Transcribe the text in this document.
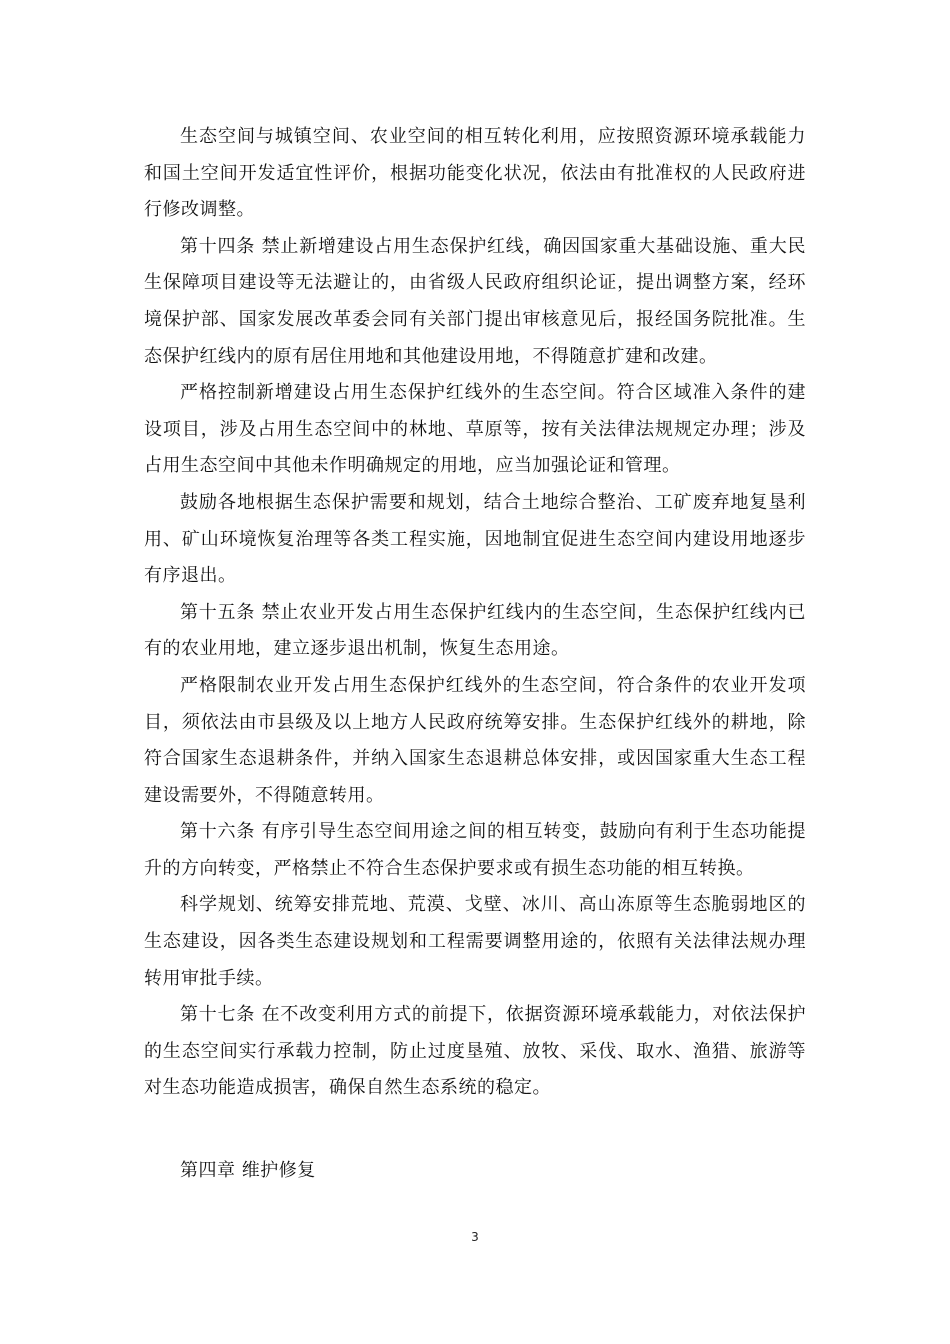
生态空间与城镇空间、农业空间的相互转化利用，应按照资源环境承载能力和国土空间开发适宜性评价，根据功能变化状况，依法由有批准权的人民政府进行修改调整。

第十四条 禁止新增建设占用生态保护红线，确因国家重大基础设施、重大民生保障项目建设等无法避让的，由省级人民政府组织论证，提出调整方案，经环境保护部、国家发展改革委会同有关部门提出审核意见后，报经国务院批准。生态保护红线内的原有居住用地和其他建设用地，不得随意扩建和改建。

严格控制新增建设占用生态保护红线外的生态空间。符合区域准入条件的建设项目，涉及占用生态空间中的林地、草原等，按有关法律法规规定办理；涉及占用生态空间中其他未作明确规定的用地，应当加强论证和管理。

鼓励各地根据生态保护需要和规划，结合土地综合整治、工矿废弃地复垦利用、矿山环境恢复治理等各类工程实施，因地制宜促进生态空间内建设用地逐步有序退出。

第十五条 禁止农业开发占用生态保护红线内的生态空间，生态保护红线内已有的农业用地，建立逐步退出机制，恢复生态用途。

严格限制农业开发占用生态保护红线外的生态空间，符合条件的农业开发项目，须依法由市县级及以上地方人民政府统筹安排。生态保护红线外的耕地，除符合国家生态退耕条件，并纳入国家生态退耕总体安排，或因国家重大生态工程建设需要外，不得随意转用。

第十六条 有序引导生态空间用途之间的相互转变，鼓励向有利于生态功能提升的方向转变，严格禁止不符合生态保护要求或有损生态功能的相互转换。

科学规划、统筹安排荒地、荒漠、戈壁、冰川、高山冻原等生态脆弱地区的生态建设，因各类生态建设规划和工程需要调整用途的，依照有关法律法规办理转用审批手续。

第十七条 在不改变利用方式的前提下，依据资源环境承载能力，对依法保护的生态空间实行承载力控制，防止过度垦殖、放牧、采伐、取水、渔猎、旅游等对生态功能造成损害，确保自然生态系统的稳定。

第四章 维护修复

3
